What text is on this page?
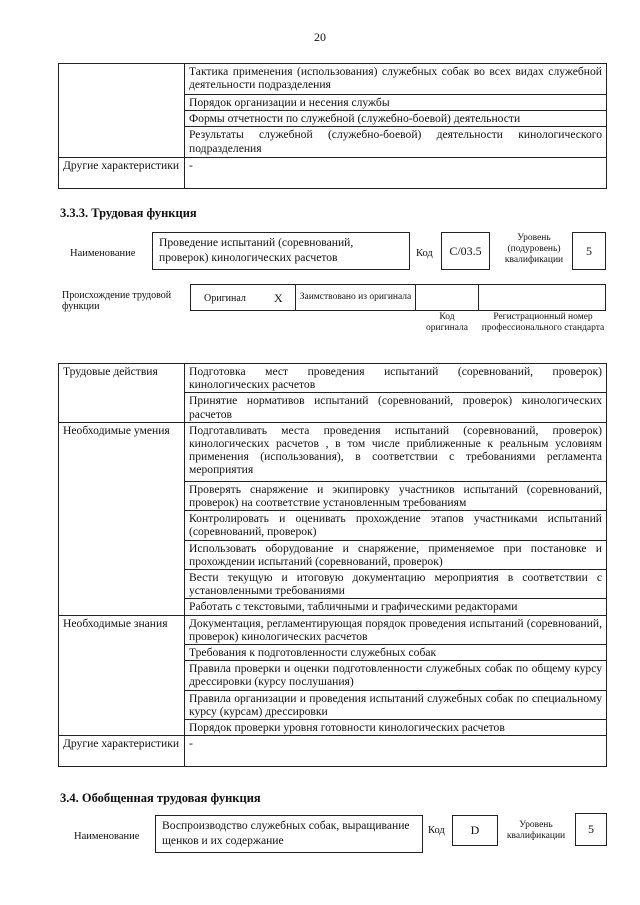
20
	Тактика применения (использования) служебных собак во всех видах служебной деятельности подразделения
	Порядок организации и несения службы
	Формы отчетности по служебной (служебно-боевой) деятельности
	Результаты служебной (служебно-боевой) деятельности кинологического подразделения
Другие характеристики	-
3.3.3. Трудовая функция
Наименование
Проведение испытаний (соревнований, проверок) кинологических расчетов	Код	C/03.5
Уровень (подуровень) квалификации
5
Происхождение трудовой функции
Оригинал X Заимствовано из оригинала
Код оригинала
Регистрационный номер профессионального стандарта
Трудовые действия	Подготовка мест проведения испытаний (соревнований, проверок) кинологических расчетов
	Принятие нормативов испытаний (соревнований, проверок) кинологических расчетов
Необходимые умения	Подготавливать места проведения испытаний (соревнований, проверок) кинологических расчетов , в том числе приближенные к реальным условиям применения (использования), в соответствии с требованиями регламента мероприятия
	Проверять снаряжение и экипировку участников испытаний (соревнований, проверок) на соответствие установленным требованиям
	Контролировать и оценивать прохождение этапов участниками испытаний (соревнований, проверок)
	Использовать оборудование и снаряжение, применяемое при постановке и прохождении испытаний (соревнований, проверок)
	Вести текущую и итоговую документацию мероприятия в соответствии с установленными требованиями
	Работать с текстовыми, табличными и графическими редакторами
Необходимые знания	Документация, регламентирующая порядок проведения испытаний (соревнований, проверок) кинологических расчетов
	Требования к подготовленности служебных собак
	Правила проверки и оценки подготовленности служебных собак по общему курсу дрессировки (курсу послушания)
	Правила организации и проведения испытаний служебных собак по специальному курсу (курсам) дрессировки
	Порядок проверки уровня готовности кинологических расчетов
Другие характеристики	-
3.4. Обобщенная трудовая функция
Наименование
Воспроизводство служебных собак, выращивание щенков и их содержание
Код	D	Уровень квалификации	5
